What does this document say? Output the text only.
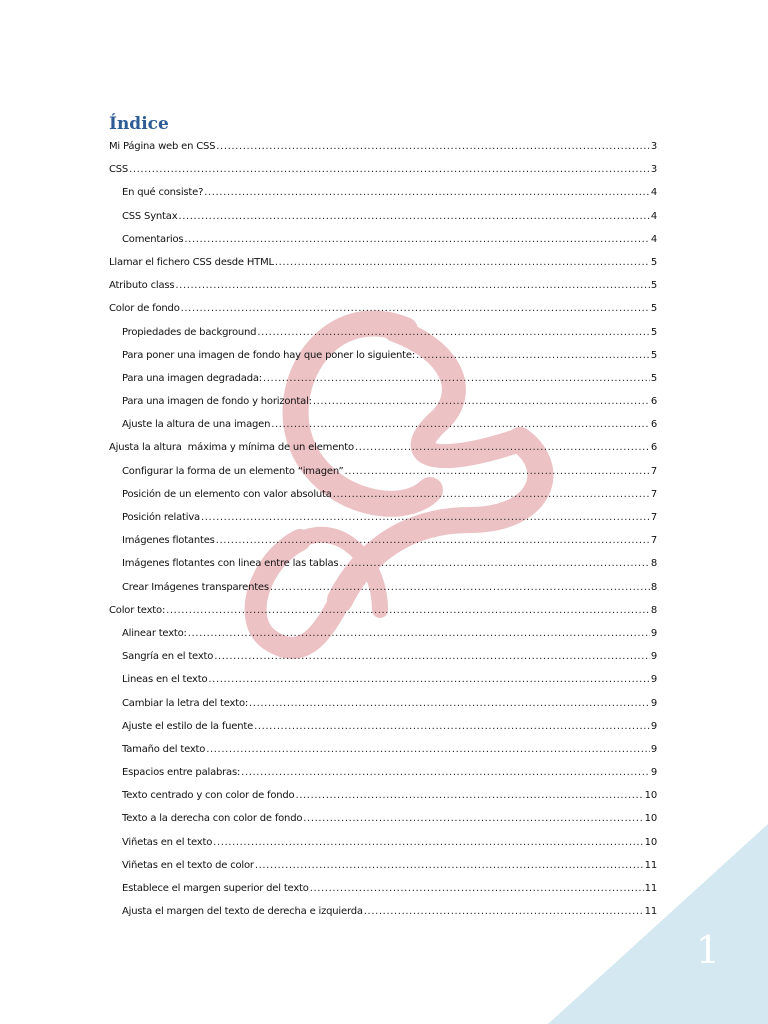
1
Índice
Mi Página web en CSS .....	3
CSS .....	3
En qué consiste? .....	4
CSS Syntax .....	4
Comentarios .....	4
Llamar el fichero CSS desde HTML .....	5
Atributo class .....	5
Color de fondo .....	5
Propiedades de background .....	5
Para poner una imagen de fondo hay que poner lo siguiente: .....	5
Para una imagen degradada: .....	5
Para una imagen de fondo y horizontal: .....	6
Ajuste la altura de una imagen .....	6
Ajusta la altura  máxima y mínima de un elemento .....	6
Configurar la forma de un elemento “imagen” .....	7
Posición de un elemento con valor absoluta .....	7
Posición relativa .....	7
Imágenes flotantes .....	7
Imágenes flotantes con linea entre las tablas .....	8
Crear Imágenes transparentes .....	8
Color texto: .....	8
Alinear texto: .....	9
Sangría en el texto .....	9
Lineas en el texto .....	9
Cambiar la letra del texto: .....	9
Ajuste el estilo de la fuente .....	9
Tamaño del texto .....	9
Espacios entre palabras: .....	9
Texto centrado y con color de fondo .....	10
Texto a la derecha con color de fondo .....	10
Viñetas en el texto .....	10
Viñetas en el texto de color .....	11
Establece el margen superior del texto .....	11
Ajusta el margen del texto de derecha e izquierda .....	11
